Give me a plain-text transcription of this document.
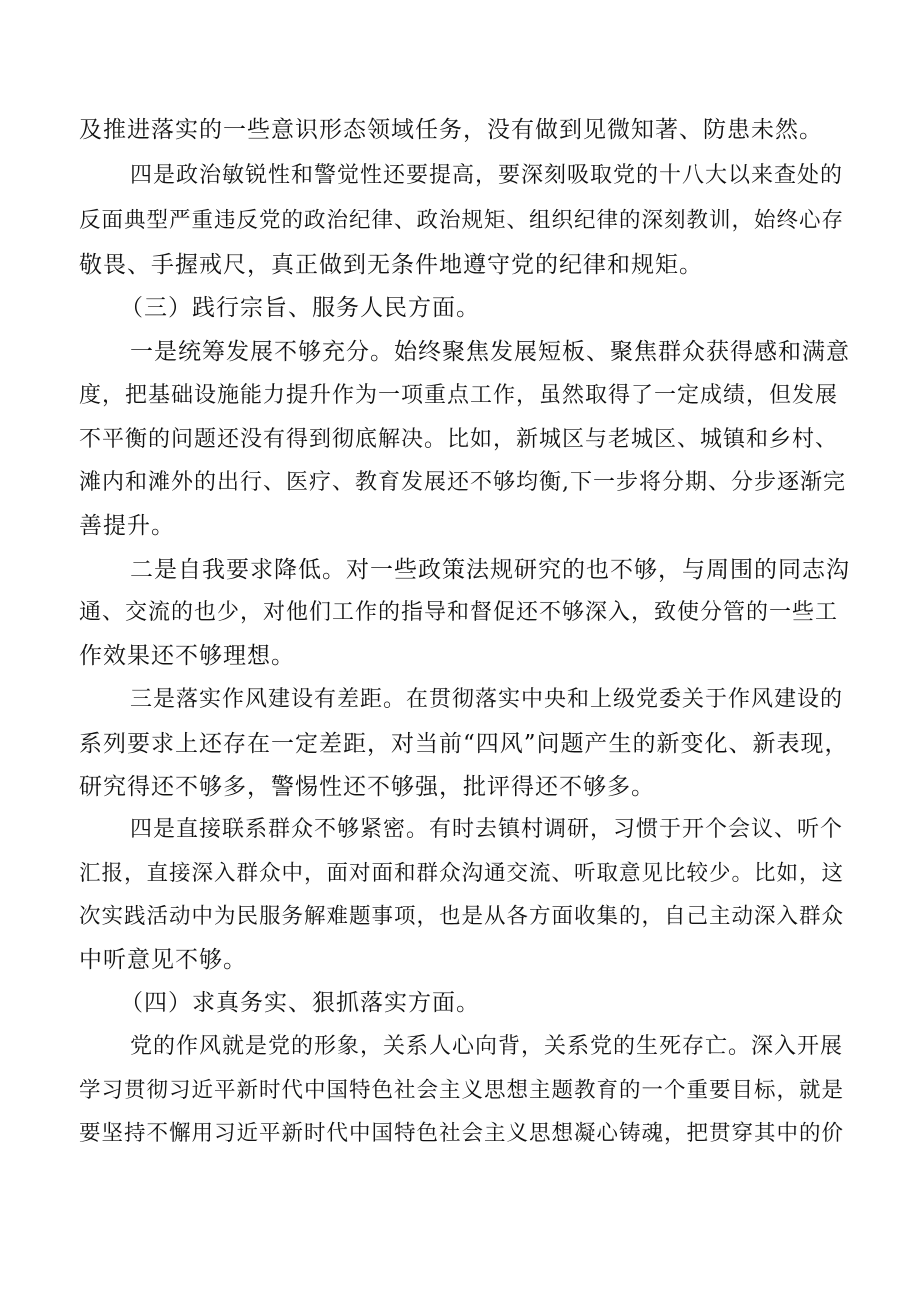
及推进落实的一些意识形态领域任务，没有做到见微知著、防患未然。
四是政治敏锐性和警觉性还要提高，要深刻吸取党的十八大以来查处的
反面典型严重违反党的政治纪律、政治规矩、组织纪律的深刻教训，始终心存
敬畏、手握戒尺，真正做到无条件地遵守党的纪律和规矩。
（三）践行宗旨、服务人民方面。
一是统筹发展不够充分。始终聚焦发展短板、聚焦群众获得感和满意
度，把基础设施能力提升作为一项重点工作，虽然取得了一定成绩，但发展
不平衡的问题还没有得到彻底解决。比如，新城区与老城区、城镇和乡村、
滩内和滩外的出行、医疗、教育发展还不够均衡,下一步将分期、分步逐渐完
善提升。
二是自我要求降低。对一些政策法规研究的也不够，与周围的同志沟
通、交流的也少，对他们工作的指导和督促还不够深入，致使分管的一些工
作效果还不够理想。
三是落实作风建设有差距。在贯彻落实中央和上级党委关于作风建设的
系列要求上还存在一定差距，对当前“四风”问题产生的新变化、新表现，
研究得还不够多，警惕性还不够强，批评得还不够多。
四是直接联系群众不够紧密。有时去镇村调研，习惯于开个会议、听个
汇报，直接深入群众中，面对面和群众沟通交流、听取意见比较少。比如，这
次实践活动中为民服务解难题事项，也是从各方面收集的，自己主动深入群众
中听意见不够。
（四）求真务实、狠抓落实方面。
党的作风就是党的形象，关系人心向背，关系党的生死存亡。深入开展
学习贯彻习近平新时代中国特色社会主义思想主题教育的一个重要目标，就是
要坚持不懈用习近平新时代中国特色社会主义思想凝心铸魂，把贯穿其中的价
